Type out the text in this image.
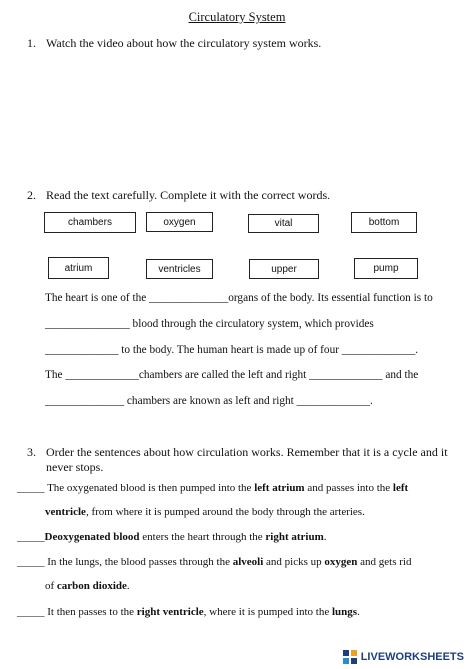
Circulatory System
1. Watch the video about how the circulatory system works.
2. Read the text carefully. Complete it with the correct words.
chambers	oxygen	vital	bottom
atrium	ventricles	upper	pump
The heart is one of the ______________organs of the body. Its essential function is to
_______________ blood through the circulatory system, which provides
_____________ to the body. The human heart is made up of four _____________.
The _____________chambers are called the left and right _____________ and the
______________ chambers are known as left and right _____________.
3. Order the sentences about how circulation works. Remember that it is a cycle and it
never stops.
_____ The oxygenated blood is then pumped into the left atrium and passes into the left
ventricle, from where it is pumped around the body through the arteries.
_____Deoxygenated blood enters the heart through the right atrium.
_____ In the lungs, the blood passes through the alveoli and picks up oxygen and gets rid
of carbon dioxide.
_____ It then passes to the right ventricle, where it is pumped into the lungs.
LIVEWORKSHEETS
